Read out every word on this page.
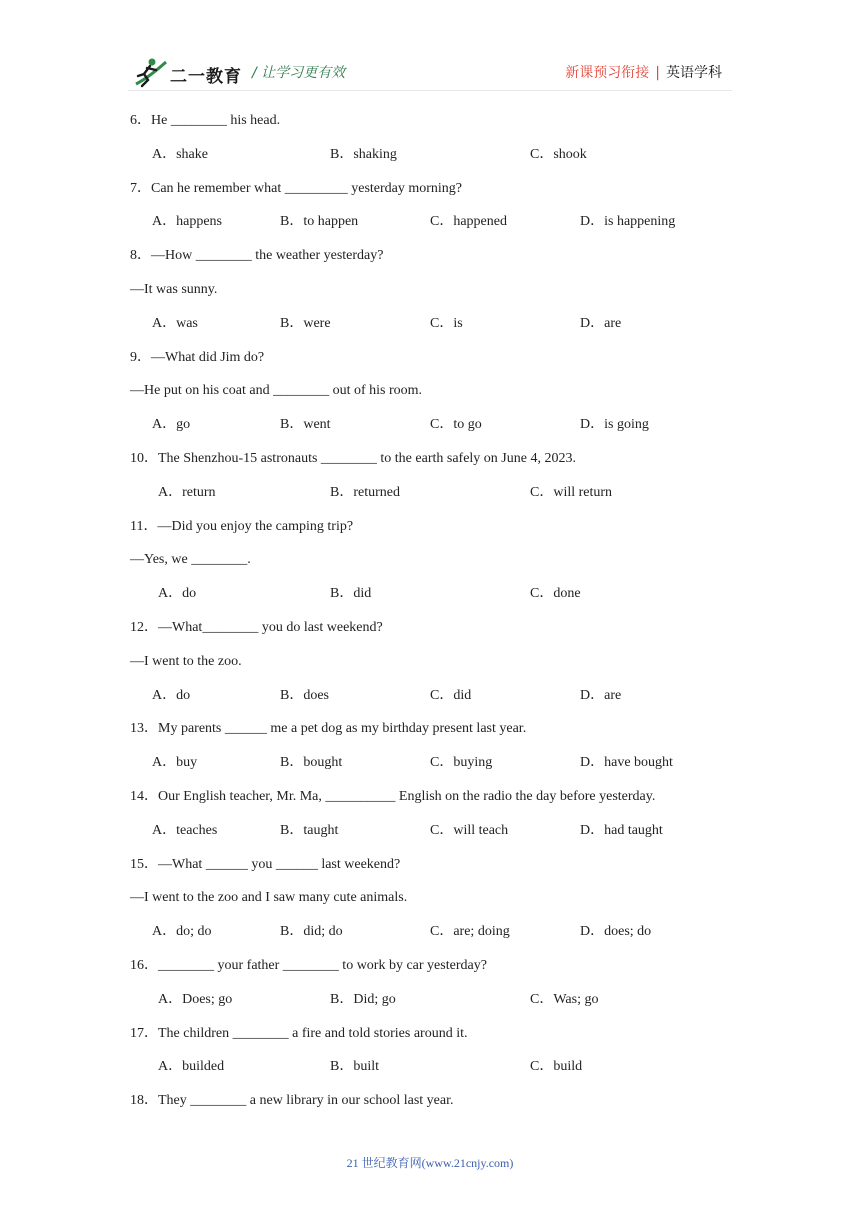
二一教育 / 让学习更有效	新课预习衔接 | 英语学科
6．He ________ his head.
A．shake	B．shaking	C．shook
7．Can he remember what _________ yesterday morning?
A．happens	B．to happen	C．happened	D．is happening
8．—How ________ the weather yesterday?
—It was sunny.
A．was	B．were	C．is	D．are
9．—What did Jim do?
—He put on his coat and ________ out of his room.
A．go	B．went	C．to go	D．is going
10．The Shenzhou-15 astronauts ________ to the earth safely on June 4, 2023.
A．return	B．returned	C．will return
11．—Did you enjoy the camping trip?
—Yes, we ________.
A．do	B．did	C．done
12．—What________ you do last weekend?
—I went to the zoo.
A．do	B．does	C．did	D．are
13．My parents ______ me a pet dog as my birthday present last year.
A．buy	B．bought	C．buying	D．have bought
14．Our English teacher, Mr. Ma, __________ English on the radio the day before yesterday.
A．teaches	B．taught	C．will teach	D．had taught
15．—What ______ you ______ last weekend?
—I went to the zoo and I saw many cute animals.
A．do; do	B．did; do	C．are; doing	D．does; do
16．________ your father ________ to work by car yesterday?
A．Does; go	B．Did; go	C．Was; go
17．The children ________ a fire and told stories around it.
A．builded	B．built	C．build
18．They ________ a new library in our school last year.
21 世纪教育网(www.21cnjy.com)
